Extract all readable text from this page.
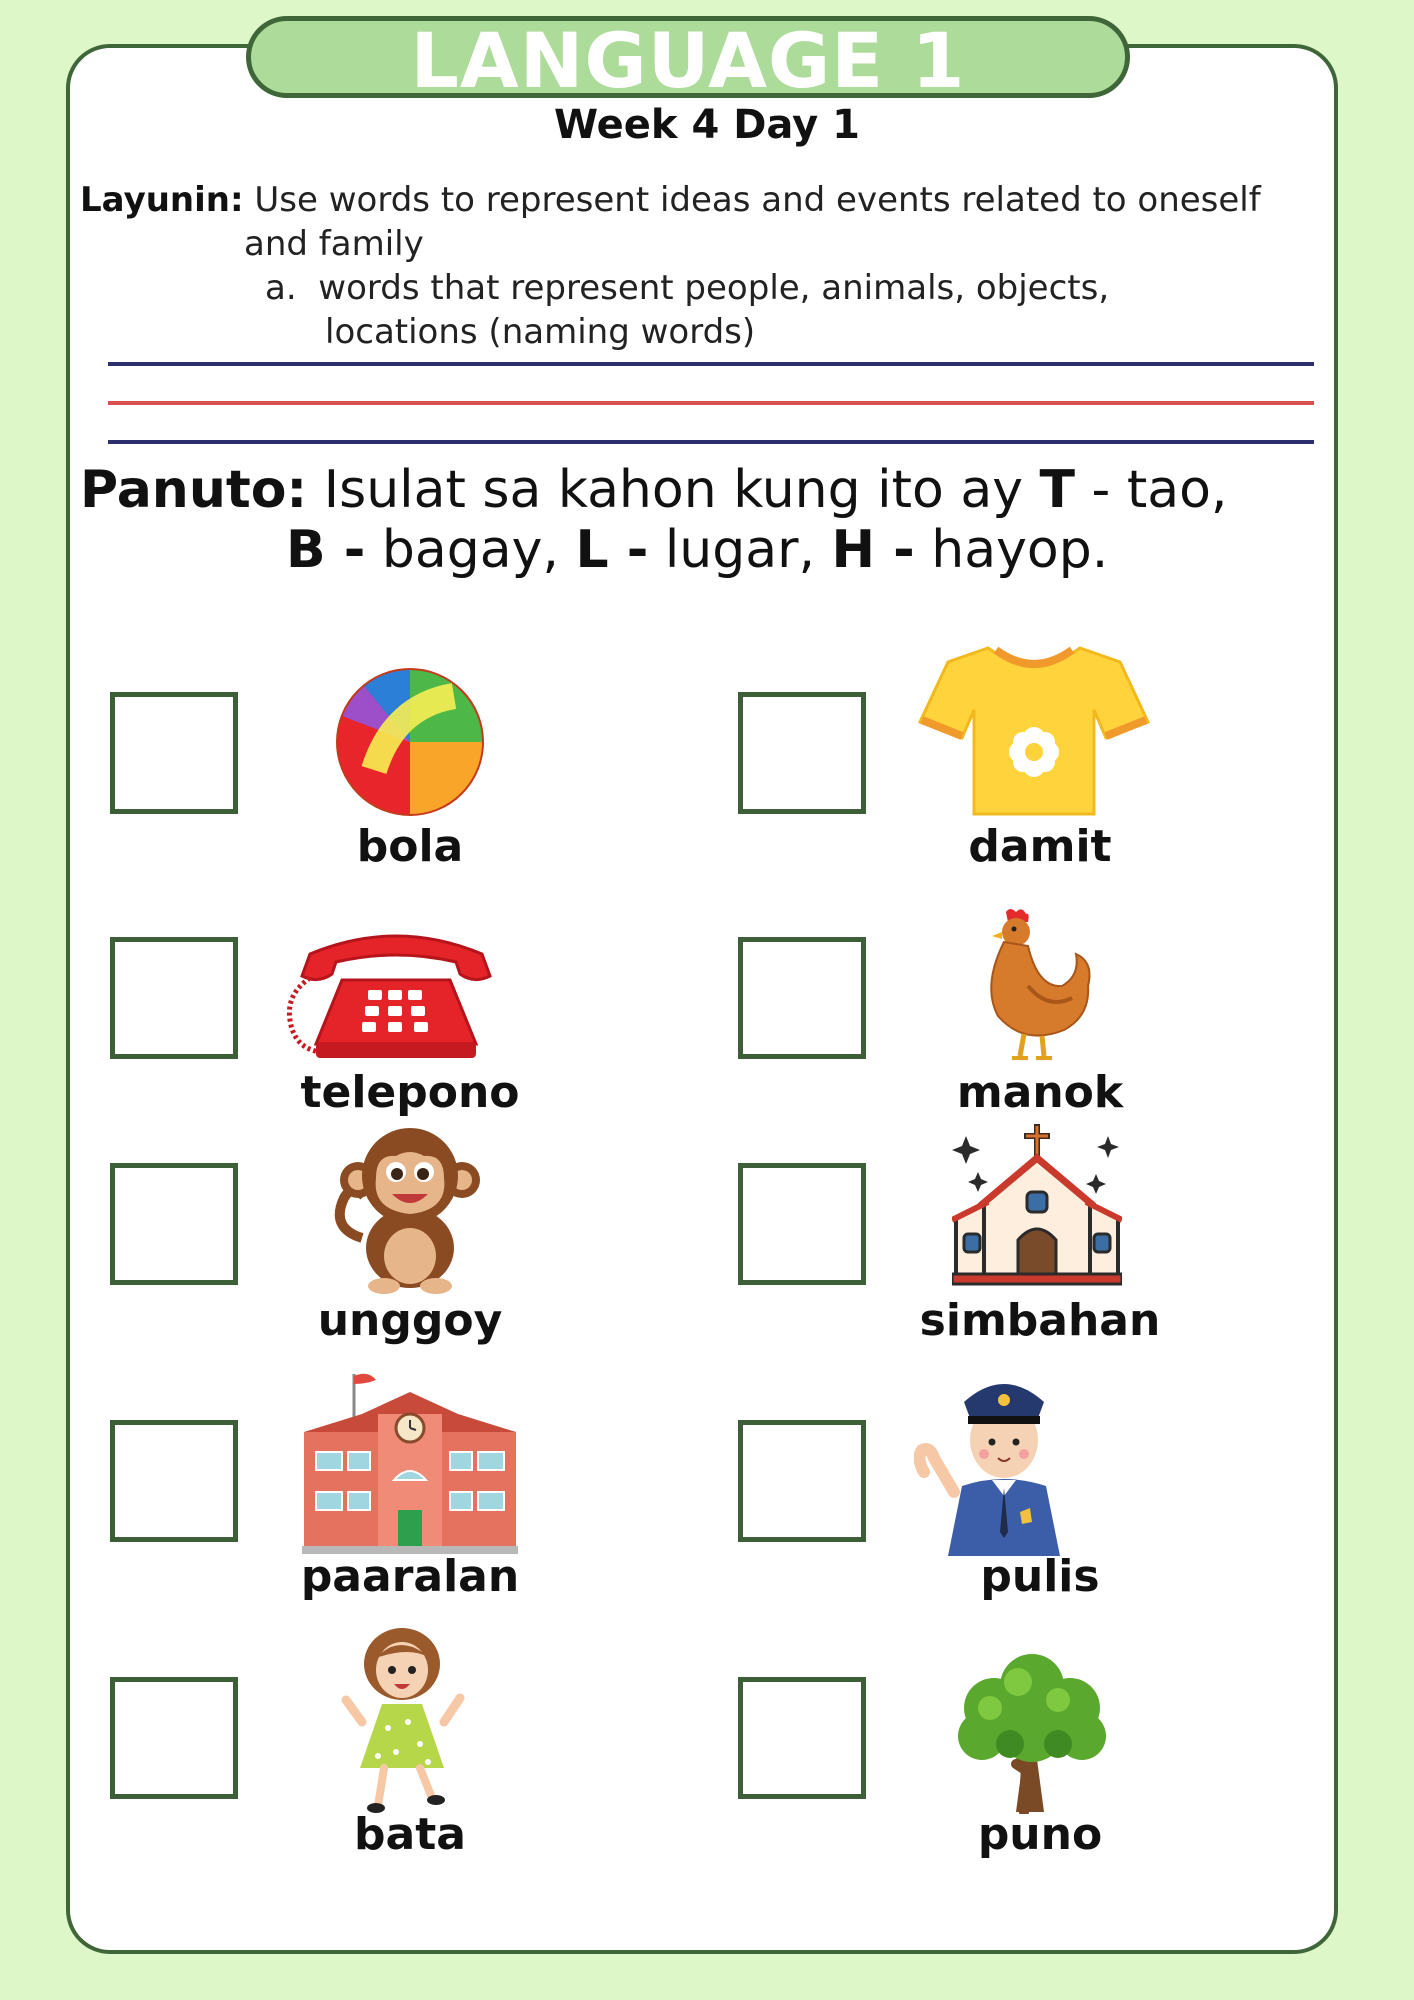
LANGUAGE 1
Week 4 Day 1
Layunin: Use words to represent ideas and events related to oneself
and family
a. words that represent people, animals, objects,
locations (naming words)
Panuto: Isulat sa kahon kung ito ay T - tao,
B - bagay, L - lugar, H - hayop.
bola	damit
telepono	manok
unggoy	simbahan
paaralan	pulis
bata	puno
